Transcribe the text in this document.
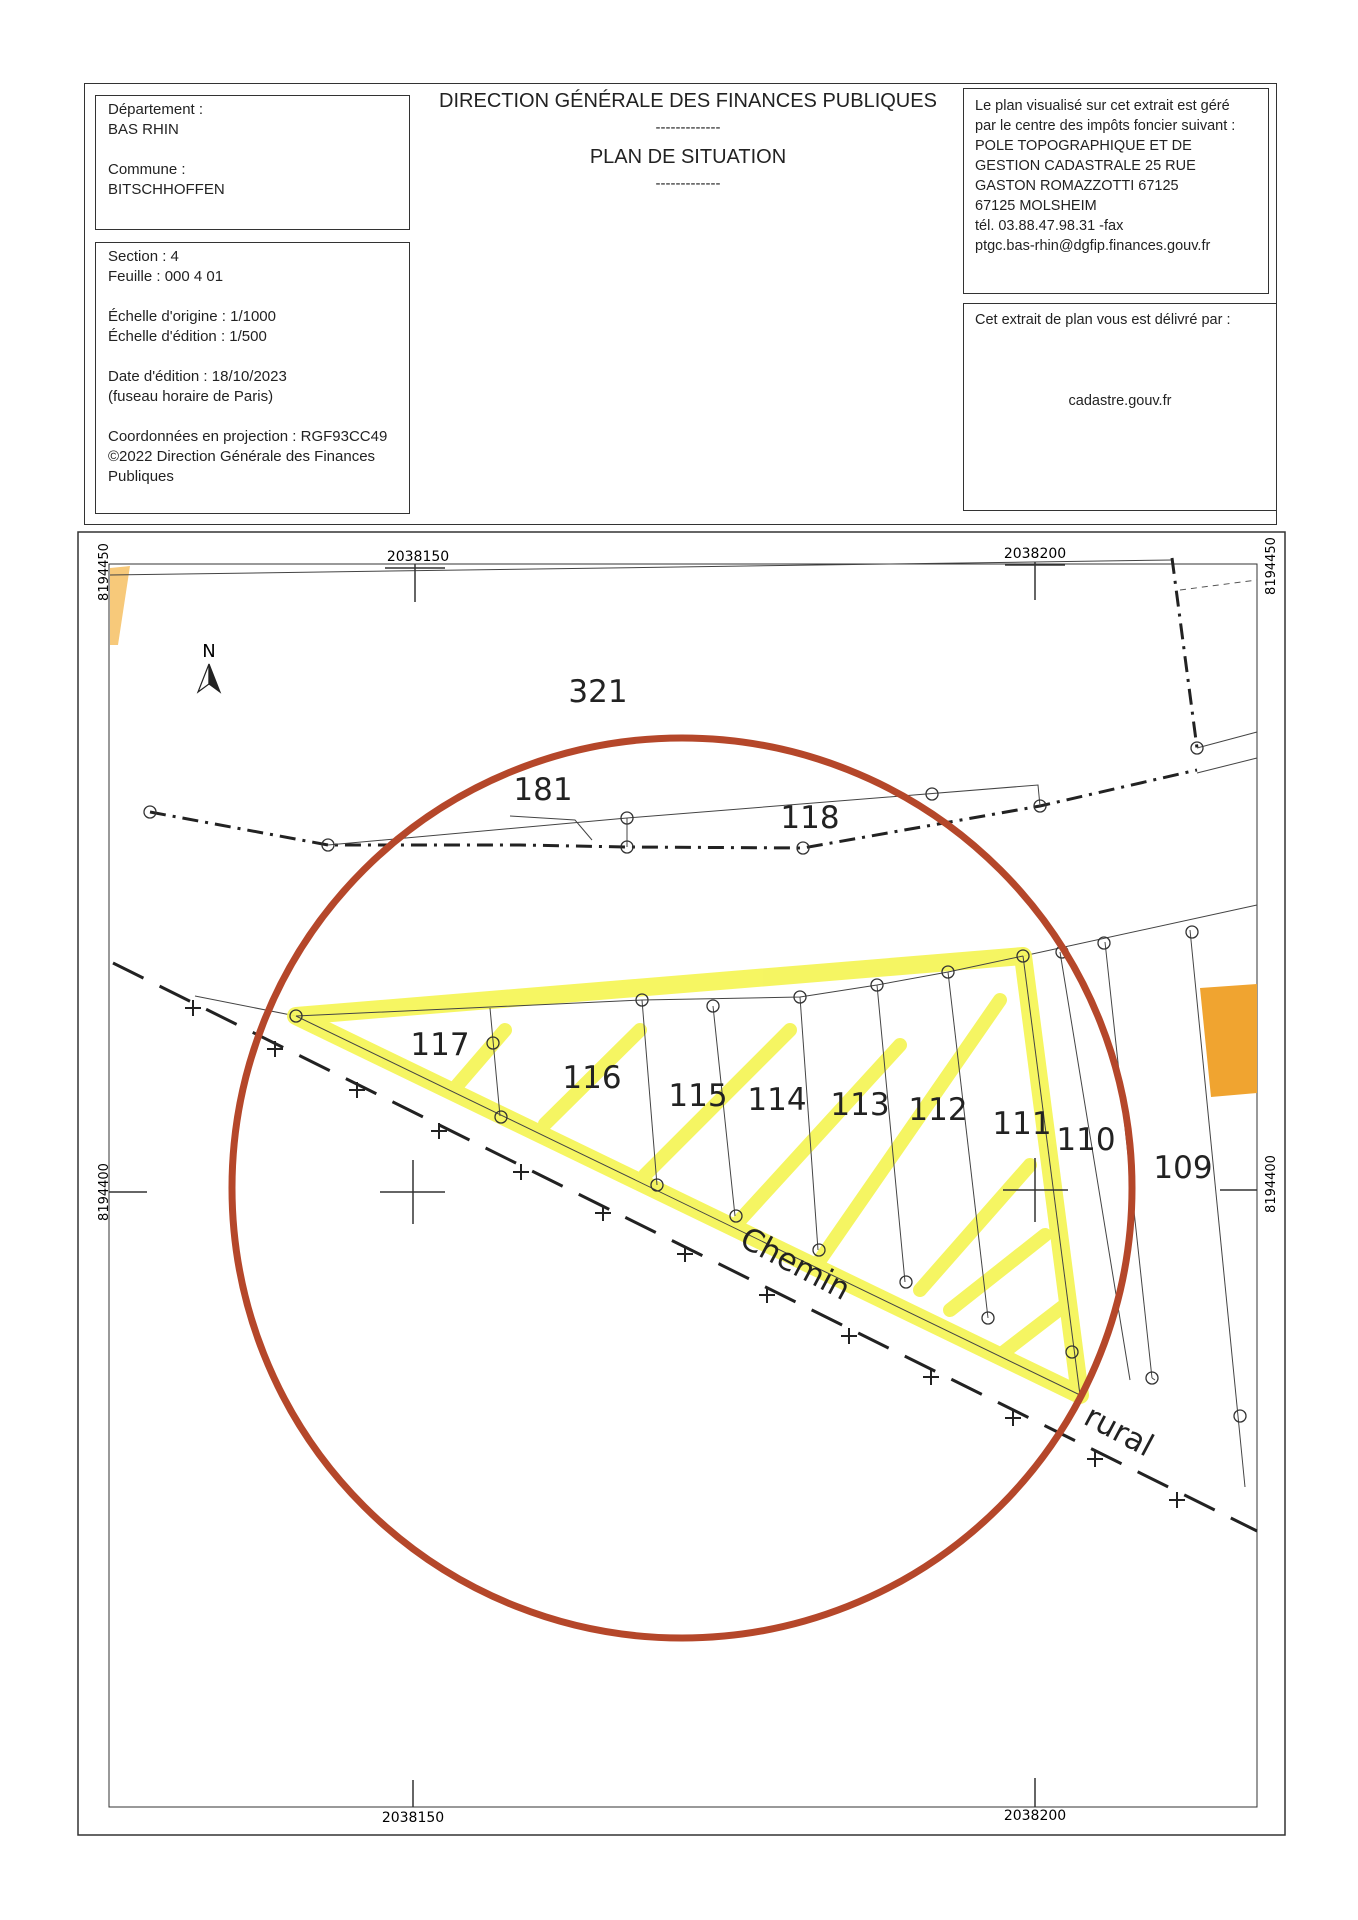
Département :
BAS RHIN
Commune :
BITSCHHOFFEN
Section : 4
Feuille : 000 4 01
Échelle d'origine : 1/1000
Échelle d'édition : 1/500
Date d'édition : 18/10/2023
(fuseau horaire de Paris)
Coordonnées en projection : RGF93CC49
©2022 Direction Générale des Finances
Publiques
DIRECTION GÉNÉRALE DES FINANCES PUBLIQUES
-------------
PLAN DE SITUATION
-------------
Le plan visualisé sur cet extrait est géré
par le centre des impôts foncier suivant :
POLE TOPOGRAPHIQUE ET DE
GESTION CADASTRALE 25 RUE
GASTON ROMAZZOTTI 67125
67125 MOLSHEIM
tél. 03.88.47.98.31 -fax
ptgc.bas-rhin@dgfip.finances.gouv.fr
Cet extrait de plan vous est délivré par :
cadastre.gouv.fr
N
2038150	2038200
2038150	2038200
8194450
8194400
8194450
8194400
321
181
118
117
116 115 114 113 112 111 110
109
Chemin
rural
